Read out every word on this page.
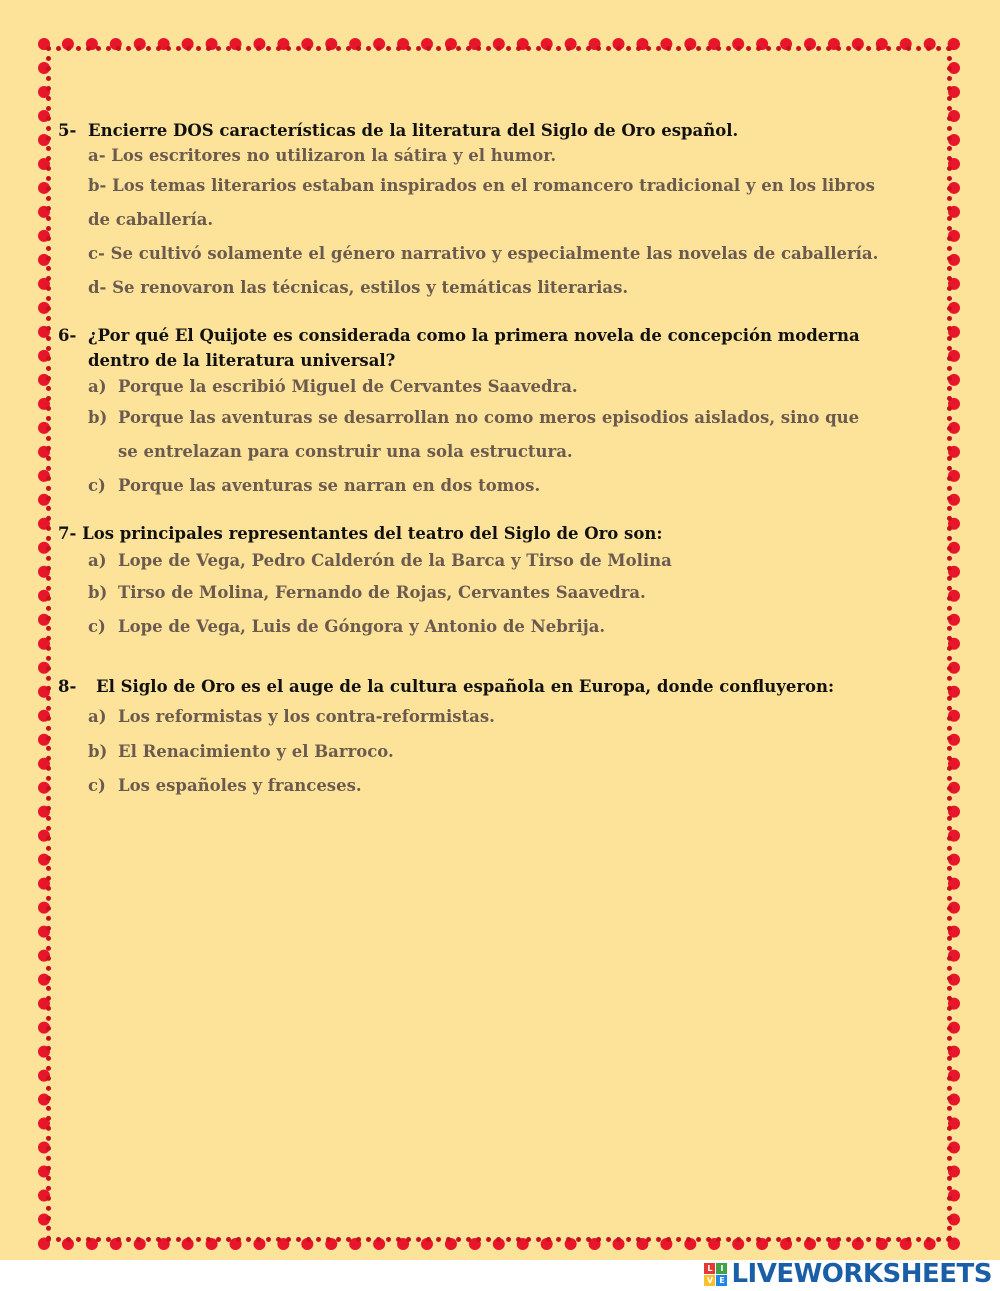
5- Encierre DOS características de la literatura del Siglo de Oro español.

a- Los escritores no utilizaron la sátira y el humor.

b- Los temas literarios estaban inspirados en el romancero tradicional y en los libros

de caballería.

c- Se cultivó solamente el género narrativo y especialmente las novelas de caballería.

d- Se renovaron las técnicas, estilos y temáticas literarias.

6- ¿Por qué El Quijote es considerada como la primera novela de concepción moderna

dentro de la literatura universal?

a) Porque la escribió Miguel de Cervantes Saavedra.
b) Porque las aventuras se desarrollan no como meros episodios aislados, sino que
se entrelazan para construir una sola estructura.
c) Porque las aventuras se narran en dos tomos.

7- Los principales representantes del teatro del Siglo de Oro son:

a) Lope de Vega, Pedro Calderón de la Barca y Tirso de Molina
b) Tirso de Molina, Fernando de Rojas, Cervantes Saavedra.
c) Lope de Vega, Luis de Góngora y Antonio de Nebrija.

8- El Siglo de Oro es el auge de la cultura española en Europa, donde confluyeron:

a) Los reformistas y los contra-reformistas.
b) El Renacimiento y el Barroco.
c) Los españoles y franceses.
L I
V E LIVEWORKSHEETS
